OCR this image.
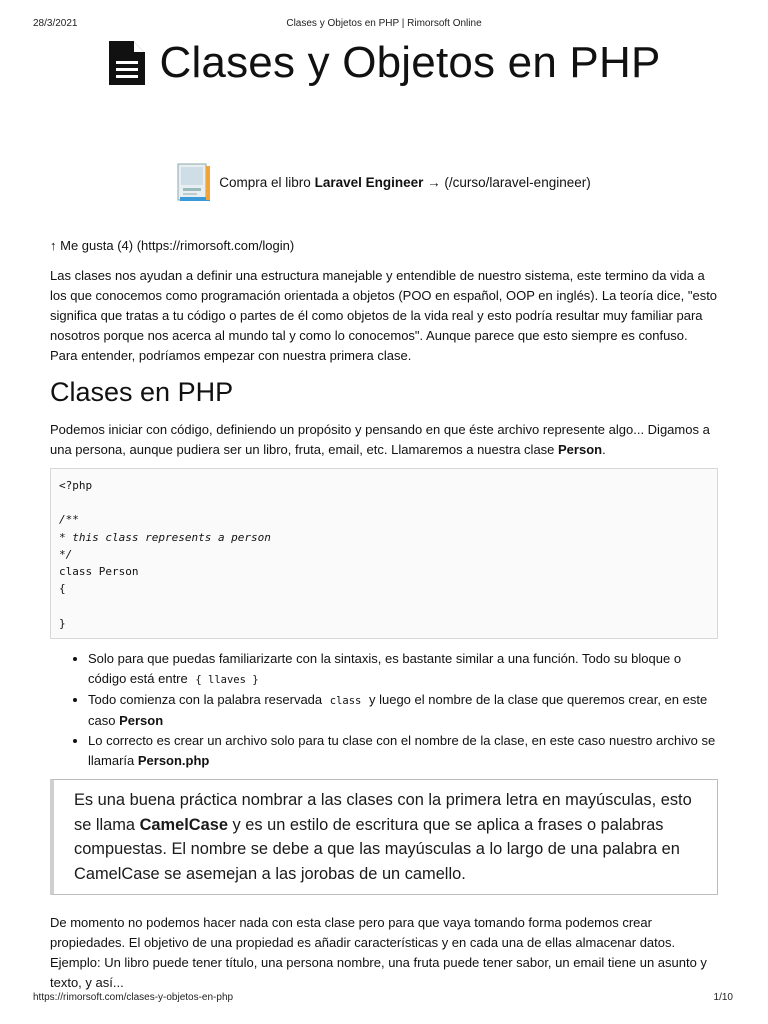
28/3/2021	Clases y Objetos en PHP | Rimorsoft Online
Clases y Objetos en PHP
Compra el libro Laravel Engineer → (/curso/laravel-engineer)

↑ Me gusta (4) (https://rimorsoft.com/login)

Las clases nos ayudan a definir una estructura manejable y entendible de nuestro sistema, este termino da vida a los que conocemos como programación orientada a objetos (POO en español, OOP en inglés). La teoría dice, "esto significa que tratas a tu código o partes de él como objetos de la vida real y esto podría resultar muy familiar para nosotros porque nos acerca al mundo tal y como lo conocemos". Aunque parece que esto siempre es confuso. Para entender, podríamos empezar con nuestra primera clase.

Clases en PHP

Podemos iniciar con código, definiendo un propósito y pensando en que éste archivo represente algo... Digamos a una persona, aunque pudiera ser un libro, fruta, email, etc. Llamaremos a nuestra clase Person.

<?php
/**
* this class represents a person
*/
class Person
{
}
• Solo para que puedas familiarizarte con la sintaxis, es bastante similar a una función. Todo su bloque o código está entre { llaves }
• Todo comienza con la palabra reservada class y luego el nombre de la clase que queremos crear, en este caso Person
• Lo correcto es crear un archivo solo para tu clase con el nombre de la clase, en este caso nuestro archivo se llamaría Person.php
Es una buena práctica nombrar a las clases con la primera letra en mayúsculas, esto se llama CamelCase y es un estilo de escritura que se aplica a frases o palabras compuestas. El nombre se debe a que las mayúsculas a lo largo de una palabra en CamelCase se asemejan a las jorobas de un camello.

De momento no podemos hacer nada con esta clase pero para que vaya tomando forma podemos crear propiedades. El objetivo de una propiedad es añadir características y en cada una de ellas almacenar datos. Ejemplo: Un libro puede tener título, una persona nombre, una fruta puede tener sabor, un email tiene un asunto y texto, y así...

https://rimorsoft.com/clases-y-objetos-en-php	1/10
